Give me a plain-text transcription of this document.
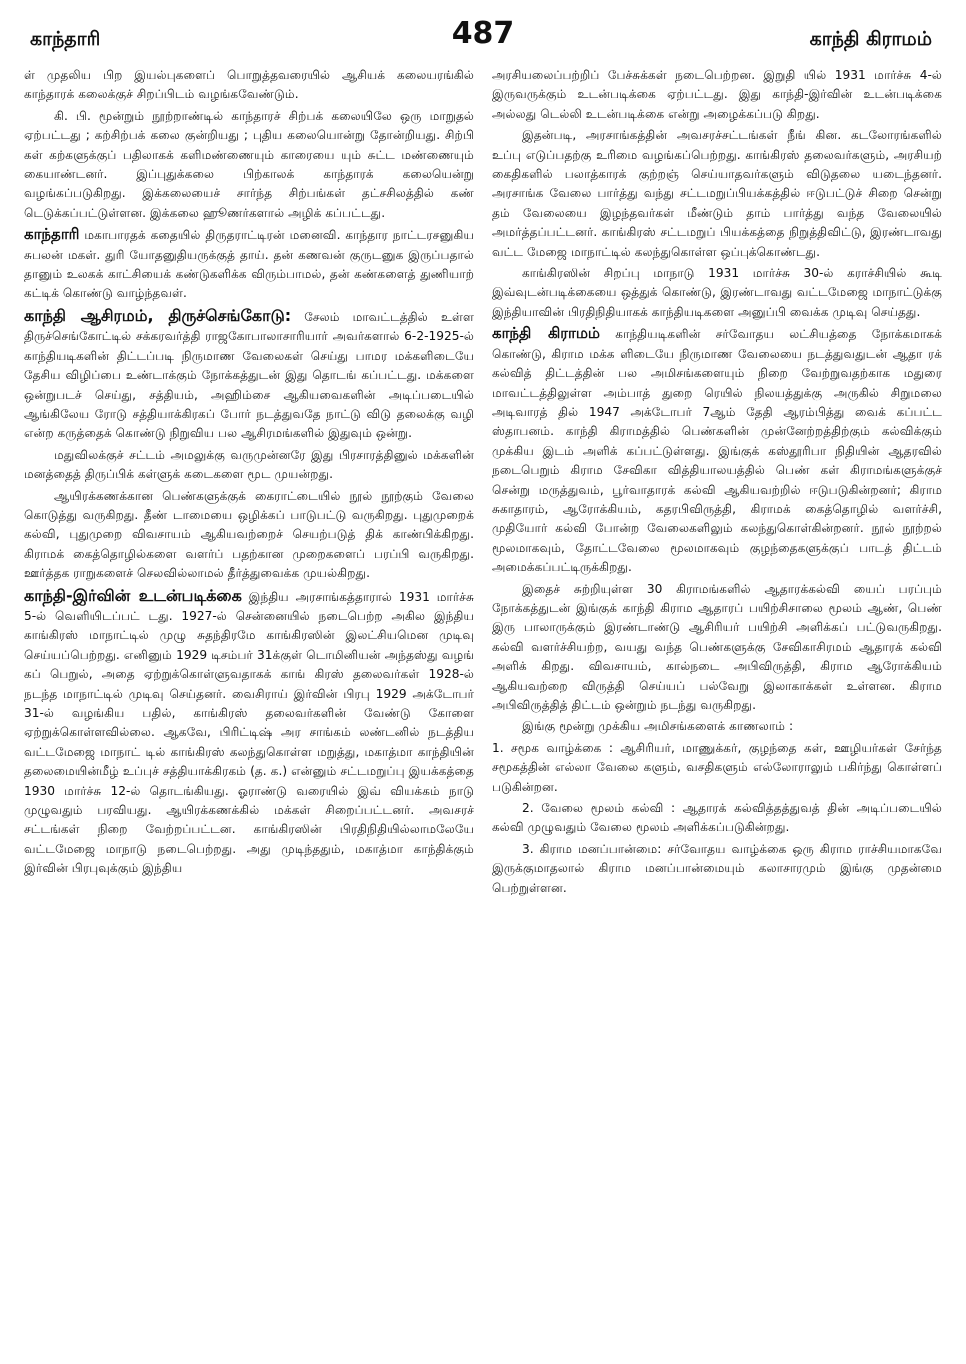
காந்தாரி	487	காந்தி கிராமம்

ள் முதலிய பிற இயல்புகளைப் பொறுத்தவரையில் ஆசியக் கலையரங்கில் காந்தாரக் கலைக்குச் சிறப்பிடம் வழங்கவேண்டும்.

கி. பி. மூன்றும் நூற்றாண்டில் காந்தாரச் சிற்பக் கலையிலே ஒரு மாறுதல் ஏற்பட்டது ; கற்சிற்பக் கலை குன்றியது ; புதிய கலையொன்று தோன்றியது. சிற்பி கள் கற்களுக்குப் பதிலாகக் களிமண்ணையும் காரையை யும் சுட்ட மண்ணையும் கையாண்டனர். இப்புதுக்கலை பிற்காலக் காந்தாரக் கலையென்று வழங்கப்படுகிறது. இக்கலையைச் சார்ந்த சிற்பங்கள் தட்சசிலத்தில் கண் டெடுக்கப்பட்டுள்ளன. இக்கலை ஹூணர்களால் அழிக் கப்பட்டது.

காந்தாரி மகாபாரதக் கதையில் திருதராட்டிரன் மனைவி. காந்தார நாட்டரசனுகிய சுபலன் மகள். துரி யோதனுதியருக்குத் தாய். தன் கணவன் குருடனுக இருப்பதால் தானும் உலகக் காட்சியைக் கண்டுகளிக்க விரும்பாமல், தன் கண்களைத் துணியாற் கட்டிக் கொண்டு வாழ்ந்தவள்.

காந்தி ஆசிரமம், திருச்செங்கோடு: சேலம் மாவட்டத்தில் உள்ள திருச்செங்கோட்டில் சக்கரவர்த்தி ராஜகோபாலாசாரியார் அவர்களால் 6-2-1925-ல் காந்தியடிகளின் திட்டப்படி நிருமாண வேலைகள் செய்து பாமர மக்களிடையே தேசிய விழிப்பை உண்டாக்கும் நோக்கத்துடன் இது தொடங் கப்பட்டது. மக்களை ஒன்றுபடச் செய்து, சத்தியம், அஹிம்சை ஆகியவைகளின் அடிப்படையில் ஆங்கிலேய ரோடு சத்தியாக்கிரகப் போர் நடத்துவதே நாட்டு விடு தலைக்கு வழி என்ற கருத்தைக் கொண்டு நிறுவிய பல ஆசிரமங்களில் இதுவும் ஒன்று.

மதுவிலக்குச் சட்டம் அமலுக்கு வருமுன்னரே இது பிரசாரத்தினுல் மக்களின் மனத்தைத் திருப்பிக் கள்ளுக் கடைகளை மூட முயன்றது.

ஆயிரக்கணக்கான பெண்களுக்குக் கைராட்டையில் நூல் நூற்கும் வேலை கொடுத்து வருகிறது. தீண் டாமையை ஒழிக்கப் பாடுபட்டு வருகிறது. புதுமுறைக் கல்வி, புதுமுறை விவசாயம் ஆகியவற்றைச் செயற்படுத் திக் காண்பிக்கிறது. கிராமக் கைத்தொழில்களை வளர்ப் பதற்கான முறைகளைப் பரப்பி வருகிறது. ஊர்த்தக ராறுகளைச் செலவில்லாமல் தீர்த்துவைக்க முயல்கிறது.

காந்தி-இர்வின் உடன்படிக்கை இந்திய அரசாங்கத்தாரால் 1931 மார்ச்சு 5-ல் வெளியிடப்பட் டது. 1927-ல் சென்னையில் நடைபெற்ற அகில இந்திய காங்கிரஸ் மாநாட்டில் முழு சுதந்திரமே காங்கிரஸின் இலட்சியமென முடிவு செய்யப்பெற்றது. எனினும் 1929 டிசம்பர் 31க்குள் டொமினியன் அந்தஸ்து வழங் கப் பெறுல், அதை ஏற்றுக்கொள்ளுவதாகக் காங் கிரஸ் தலைவர்கள் 1928-ல் நடந்த மாநாட்டில் முடிவு செய்தனர். வைசிராய் இர்வின் பிரபு 1929 அக்டோபர் 31-ல் வழங்கிய பதில், காங்கிரஸ் தலைவர்களின் வேண்டு கோளை ஏற்றுக்கொள்ளவில்லை. ஆகவே, பிரிட்டிஷ் அர சாங்கம் லண்டனில் நடத்திய வட்டமேஜை மாநாட் டில் காங்கிரஸ் கலந்துகொள்ள மறுத்து, மகாத்மா காந்தியின் தலைமையின்மீழ் உப்புச் சத்தியாக்கிரகம் (த. க.) என்னும் சட்டமறுப்பு இயக்கத்தை 1930 மார்ச்சு 12-ல் தொடங்கியது. ஓராண்டு வரையில் இவ் வியக்கம் நாடு முழுவதும் பரவியது. ஆயிரக்கணக்கில் மக்கள் சிறைப்பட்டனர். அவசரச் சட்டங்கள் நிறை வேற்றப்பட்டன. காங்கிரஸின் பிரதிநிதியில்லாமலேயே வட்டமேஜை மாநாடு நடைபெற்றது. அது முடிந்ததும், மகாத்மா காந்திக்கும் இர்வின் பிரபுவுக்கும் இந்திய

அரசியலைப்பற்றிப் பேச்சுக்கள் நடைபெற்றன. இறுதி யில் 1931 மார்ச்சு 4-ல் இருவருக்கும் உடன்படிக்கை ஏற்பட்டது. இது காந்தி-இர்வின் உடன்படிக்கை அல்லது டெல்லி உடன்படிக்கை என்று அழைக்கப்படு கிறது.

இதன்படி, அரசாங்கத்தின் அவசரச்சட்டங்கள் நீங் கின. கடலோரங்களில் உப்பு எடுப்பதற்கு உரிமை வழங்கப்பெற்றது. காங்கிரஸ் தலைவர்களும், அரசியற் கைதிகளில் பலாத்காரக் குற்றஞ் செய்யாதவர்களும் விடுதலை யடைந்தனர். அரசாங்க வேலை பார்த்து வந்து சட்டமறுப்பியக்கத்தில் ஈடுபட்டுச் சிறை சென்று தம் வேலையை இழந்தவர்கள் மீண்டும் தாம் பார்த்து வந்த வேலையில் அமர்த்தப்பட்டனர். காங்கிரஸ் சட்டமறுப் பியக்கத்தை நிறுத்திவிட்டு, இரண்டாவது வட்ட மேஜை மாநாட்டில் கலந்துகொள்ள ஒப்புக்கொண்டது.

காங்கிரஸின் சிறப்பு மாநாடு 1931 மார்ச்சு 30-ல் கராச்சியில் கூடி இவ்வுடன்படிக்கையை ஒத்துக் கொண்டு, இரண்டாவது வட்டமேஜை மாநாட்டுக்கு இந்தியாவின் பிரதிநிதியாகக் காந்தியடிகளை அனுப்பி வைக்க முடிவு செய்தது.

காந்தி கிராமம் காந்தியடிகளின் சர்வோதய லட்சியத்தை நோக்கமாகக் கொண்டு, கிராம மக்க ளிடையே நிருமாண வேலையை நடத்துவதுடன் ஆதா ரக் கல்வித் திட்டத்தின் பல அமிசங்களையும் நிறை வேற்றுவதற்காக மதுரை மாவட்டத்திலுள்ள அம்பாத் துறை ரெயில் நிலயத்துக்கு அருகில் சிறுமலை அடிவாரத் தில் 1947 அக்டோபர் 7ஆம் தேதி ஆரம்பித்து வைக் கப்பட்ட ஸ்தாபனம். காந்தி கிராமத்தில் பெண்களின் முன்னேற்றத்திற்கும் கல்விக்கும் முக்கிய இடம் அளிக் கப்பட்டுள்ளது. இங்குக் கஸ்தூரிபா நிதியின் ஆதரவில் நடைபெறும் கிராம சேவிகா வித்தியாலயத்தில் பெண் கள் கிராமங்களுக்குச் சென்று மருத்துவம், பூர்வாதாரக் கல்வி ஆகியவற்றில் ஈடுபடுகின்றனர்; கிராம சுகாதாரம், ஆரோக்கியம், கதரபிவிருத்தி, கிராமக் கைத்தொழில் வளர்ச்சி, முதியோர் கல்வி போன்ற வேலைகளிலும் கலந்துகொள்கின்றனர். நூல் நூற்றல் மூலமாகவும், தோட்டவேலை மூலமாகவும் குழந்தைகளுக்குப் பாடத் திட்டம் அமைக்கப்பட்டிருக்கிறது.

இதைச் சுற்றியுள்ள 30 கிராமங்களில் ஆதாரக்கல்வி யைப் பரப்பும் நோக்கத்துடன் இங்குக் காந்தி கிராம ஆதாரப் பயிற்சிசாலை மூலம் ஆண், பெண் இரு பாலாருக்கும் இரண்டாண்டு ஆசிரியர் பயிற்சி அளிக்கப் பட்டுவருகிறது. கல்வி வளர்ச்சியற்ற, வயது வந்த பெண்களுக்கு சேவிகாசிரமம் ஆதாரக் கல்வி அளிக் கிறது. விவசாயம், கால்நடை அபிவிருத்தி, கிராம ஆரோக்கியம் ஆகியவற்றை விருத்தி செய்யப் பல்வேறு இலாகாக்கள் உள்ளன. கிராம அபிவிருத்தித் திட்டம் ஒன்றும் நடந்து வருகிறது.

இங்கு மூன்று முக்கிய அமிசங்களைக் காணலாம் :

1. சமூக வாழ்க்கை : ஆசிரியர், மாணுக்கர், குழந்தை கள், ஊழியர்கள் சேர்ந்த சமூகத்தின் எல்லா வேலை களும், வசதிகளும் எல்லோராலும் பகிர்ந்து கொள்ளப் படுகின்றன.

2. வேலை மூலம் கல்வி : ஆதாரக் கல்வித்தத்துவத் தின் அடிப்படையில் கல்வி முழுவதும் வேலை மூலம் அளிக்கப்படுகின்றது.

3. கிராம மனப்பான்மை: சர்வோதய வாழ்க்கை ஒரு கிராம ராச்சியமாகவே இருக்குமாதலால் கிராம மனப்பான்மையும் கலாசாரமும் இங்கு முதன்மை பெற்றுள்ளன.
